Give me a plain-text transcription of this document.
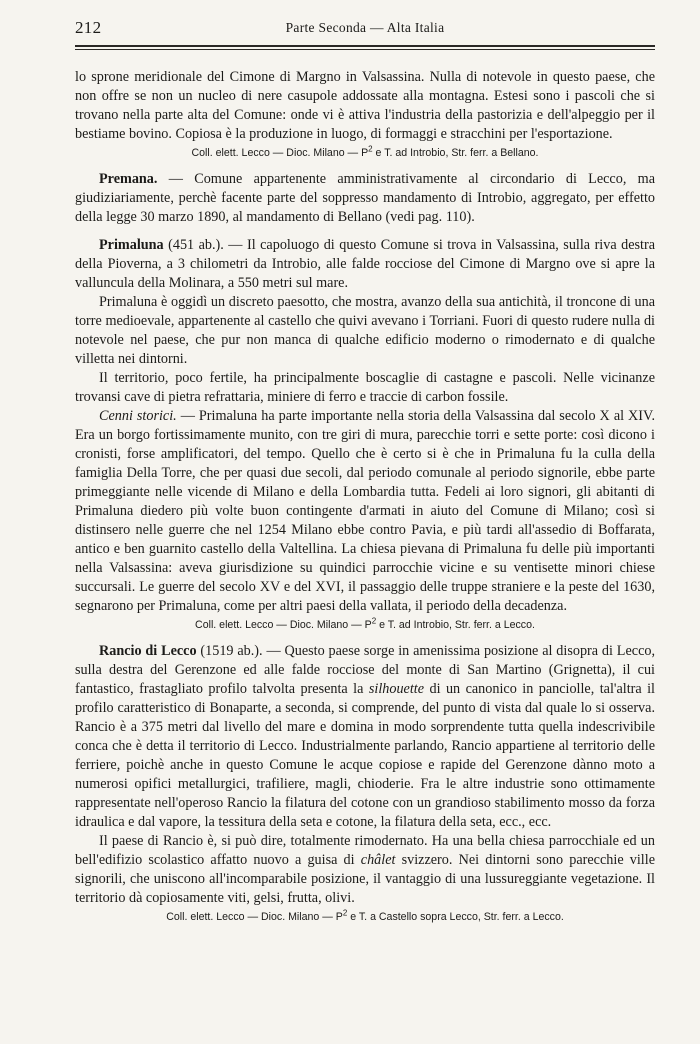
212	Parte Seconda — Alta Italia

lo sprone meridionale del Cimone di Margno in Valsassina. Nulla di notevole in questo paese, che non offre se non un nucleo di nere casupole addossate alla montagna. Estesi sono i pascoli che si trovano nella parte alta del Comune: onde vi è attiva l'industria della pastorizia e dell'alpeggio per il bestiame bovino. Copiosa è la produzione in luogo, di formaggi e stracchini per l'esportazione.

Coll. elett. Lecco — Dioc. Milano — $P^2$ e T. ad Introbio, Str. ferr. a Bellano.

Premana. — Comune appartenente amministrativamente al circondario di Lecco, ma giudiziariamente, perchè facente parte del soppresso mandamento di Introbio, aggregato, per effetto della legge 30 marzo 1890, al mandamento di Bellano (vedi pag. 110).

Primaluna (451 ab.). — Il capoluogo di questo Comune si trova in Valsassina, sulla riva destra della Pioverna, a 3 chilometri da Introbio, alle falde rocciose del Cimone di Margno ove si apre la valluncula della Molinara, a 550 metri sul mare.

Primaluna è oggidì un discreto paesotto, che mostra, avanzo della sua antichità, il troncone di una torre medioevale, appartenente al castello che quivi avevano i Torriani. Fuori di questo rudere nulla di notevole nel paese, che pur non manca di qualche edificio moderno o rimodernato e di qualche villetta nei dintorni.

Il territorio, poco fertile, ha principalmente boscaglie di castagne e pascoli. Nelle vicinanze trovansi cave di pietra refrattaria, miniere di ferro e traccie di carbon fossile.

Cenni storici. — Primaluna ha parte importante nella storia della Valsassina dal secolo X al XIV. Era un borgo fortissimamente munito, con tre giri di mura, parecchie torri e sette porte: così dicono i cronisti, forse amplificatori, del tempo. Quello che è certo si è che in Primaluna fu la culla della famiglia Della Torre, che per quasi due secoli, dal periodo comunale al periodo signorile, ebbe parte primeggiante nelle vicende di Milano e della Lombardia tutta. Fedeli ai loro signori, gli abitanti di Primaluna diedero più volte buon contingente d'armati in aiuto del Comune di Milano; così si distinsero nelle guerre che nel 1254 Milano ebbe contro Pavia, e più tardi all'assedio di Boffarata, antico e ben guarnito castello della Valtellina. La chiesa pievana di Primaluna fu delle più importanti nella Valsassina: aveva giurisdizione su quindici parrocchie vicine e su ventisette minori chiese succursali. Le guerre del secolo XV e del XVI, il passaggio delle truppe straniere e la peste del 1630, segnarono per Primaluna, come per altri paesi della vallata, il periodo della decadenza.

Coll. elett. Lecco — Dioc. Milano — $P^2$ e T. ad Introbio, Str. ferr. a Lecco.

Rancio di Lecco (1519 ab.). — Questo paese sorge in amenissima posizione al disopra di Lecco, sulla destra del Gerenzone ed alle falde rocciose del monte di San Martino (Grignetta), il cui fantastico, frastagliato profilo talvolta presenta la silhouette di un canonico in panciolle, tal'altra il profilo caratteristico di Bonaparte, a seconda, si comprende, del punto di vista dal quale lo si osserva. Rancio è a 375 metri dal livello del mare e domina in modo sorprendente tutta quella indescrivibile conca che è detta il territorio di Lecco. Industrialmente parlando, Rancio appartiene al territorio delle ferriere, poichè anche in questo Comune le acque copiose e rapide del Gerenzone dànno moto a numerosi opifici metallurgici, trafiliere, magli, chioderie. Fra le altre industrie sono ottimamente rappresentate nell'operoso Rancio la filatura del cotone con un grandioso stabilimento mosso da forza idraulica e dal vapore, la tessitura della seta e cotone, la filatura della seta, ecc., ecc.

Il paese di Rancio è, si può dire, totalmente rimodernato. Ha una bella chiesa parrocchiale ed un bell'edifizio scolastico affatto nuovo a guisa di châlet svizzero. Nei dintorni sono parecchie ville signorili, che uniscono all'incomparabile posizione, il vantaggio di una lussureggiante vegetazione. Il territorio dà copiosamente viti, gelsi, frutta, olivi.

Coll. elett. Lecco — Dioc. Milano — $P^2$ e T. a Castello sopra Lecco, Str. ferr. a Lecco.
